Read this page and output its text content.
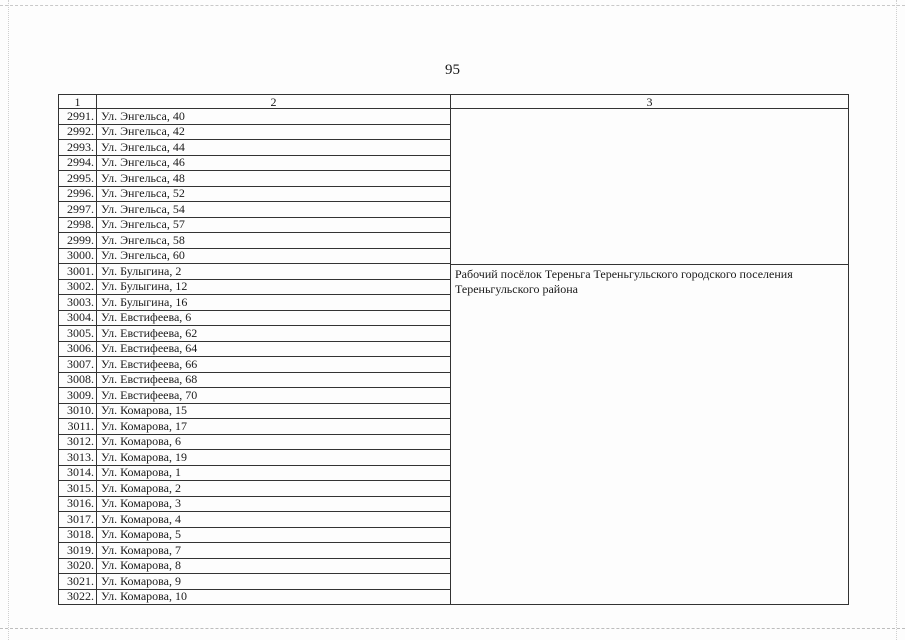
95
1	2	3
2991.	Ул. Энгельса, 40	Рабочий посёлок Тереньга Тереньгульского городского поселения Тереньгульского района

2992.	Ул. Энгельса, 42	
2993.	Ул. Энгельса, 44	
2994.	Ул. Энгельса, 46	
2995.	Ул. Энгельса, 48	
2996.	Ул. Энгельса, 52	
2997.	Ул. Энгельса, 54	
2998.	Ул. Энгельса, 57	
2999.	Ул. Энгельса, 58	
3000.	Ул. Энгельса, 60	
3001.	Ул. Булыгина, 2	
3002.	Ул. Булыгина, 12	
3003.	Ул. Булыгина, 16	
3004.	Ул. Евстифеева, 6	
3005.	Ул. Евстифеева, 62	
3006.	Ул. Евстифеева, 64	
3007.	Ул. Евстифеева, 66	
3008.	Ул. Евстифеева, 68	
3009.	Ул. Евстифеева, 70	
3010.	Ул. Комарова, 15	
3011.	Ул. Комарова, 17	
3012.	Ул. Комарова, 6	
3013.	Ул. Комарова, 19	
3014.	Ул. Комарова, 1	
3015.	Ул. Комарова, 2	
3016.	Ул. Комарова, 3	
3017.	Ул. Комарова, 4	
3018.	Ул. Комарова, 5	
3019.	Ул. Комарова, 7	
3020.	Ул. Комарова, 8	
3021.	Ул. Комарова, 9	
3022.	Ул. Комарова, 10	
